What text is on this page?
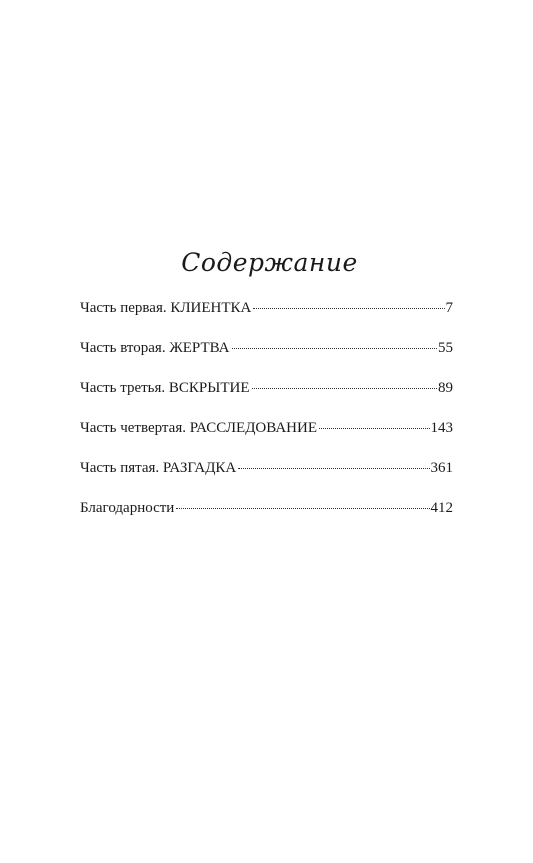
Содержание
Часть первая. КЛИЕНТКА	7
Часть вторая. ЖЕРТВА	55
Часть третья. ВСКРЫТИЕ	89
Часть четвертая. РАССЛЕДОВАНИЕ	143
Часть пятая. РАЗГАДКА	361
Благодарности	412
